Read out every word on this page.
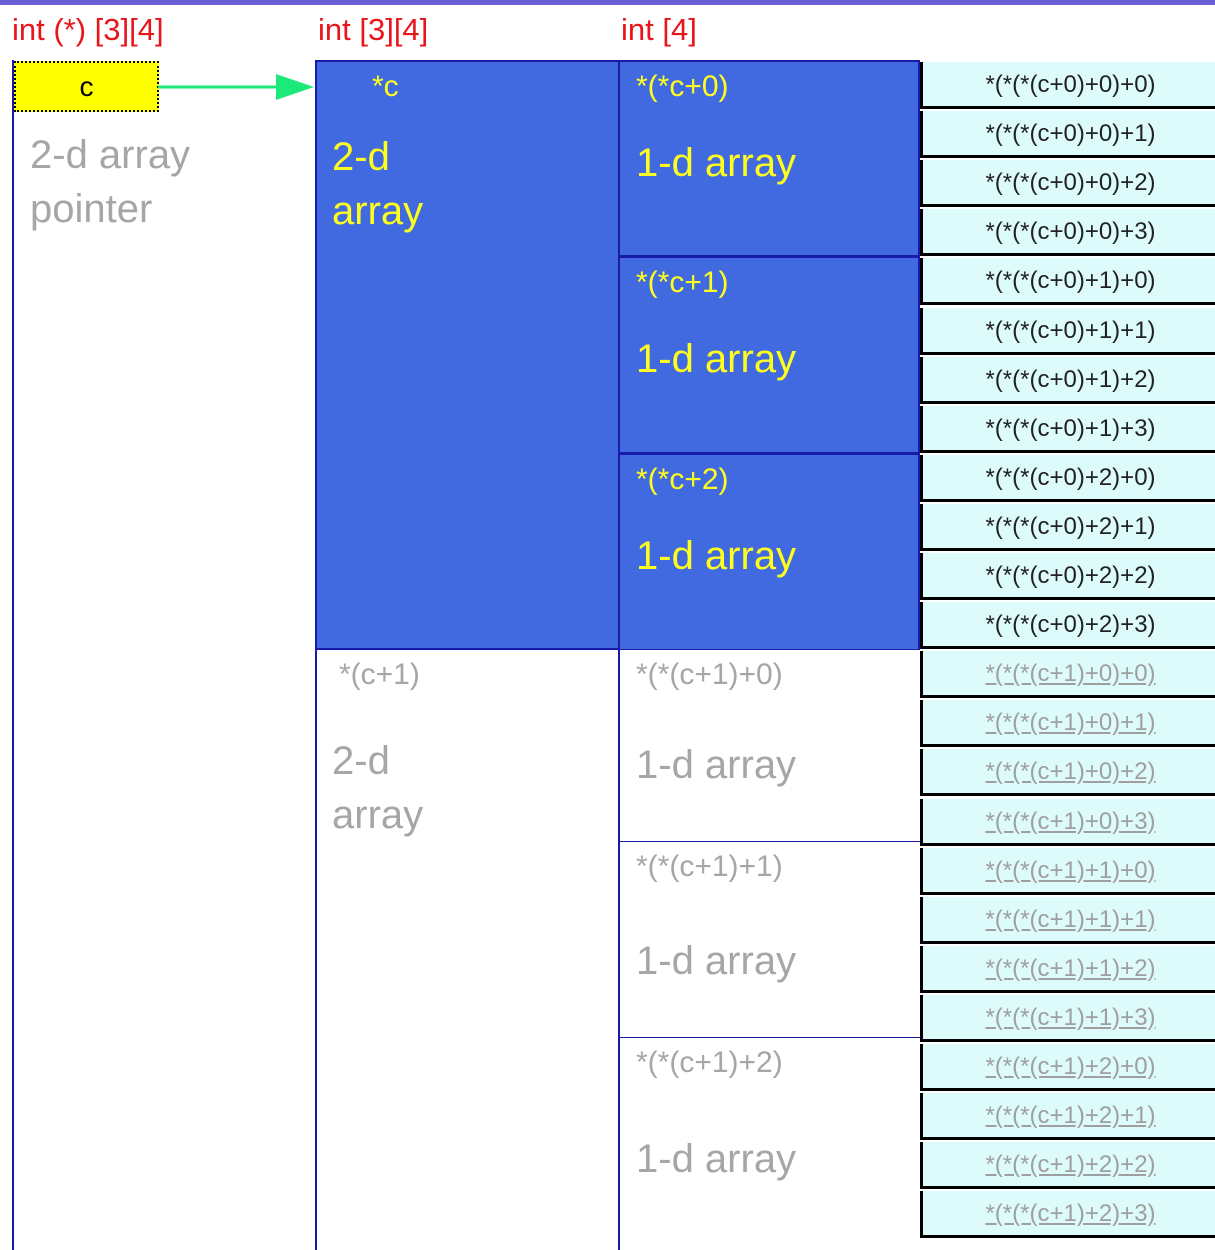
int (*) [3][4]	int [3][4]	int [4]
2-d array pointer
c	*c
2-d array
*(c+1)
2-d array
*(*c+0)
1-d array
*(*c+1)
1-d array
*(*c+2)
1-d array
*(*(c+1)+0)
1-d array
*(*(c+1)+1)
1-d array
*(*(c+1)+2)
1-d array
*(*(*(c+0)+0)+0)
*(*(*(c+0)+0)+1)
*(*(*(c+0)+0)+2)
*(*(*(c+0)+0)+3)
*(*(*(c+0)+1)+0)
*(*(*(c+0)+1)+1)
*(*(*(c+0)+1)+2)
*(*(*(c+0)+1)+3)
*(*(*(c+0)+2)+0)
*(*(*(c+0)+2)+1)
*(*(*(c+0)+2)+2)
*(*(*(c+0)+2)+3)
*(*(*(c+1)+0)+0)
*(*(*(c+1)+0)+1)
*(*(*(c+1)+0)+2)
*(*(*(c+1)+0)+3)
*(*(*(c+1)+1)+0)
*(*(*(c+1)+1)+1)
*(*(*(c+1)+1)+2)
*(*(*(c+1)+1)+3)
*(*(*(c+1)+2)+0)
*(*(*(c+1)+2)+1)
*(*(*(c+1)+2)+2)
*(*(*(c+1)+2)+3)
